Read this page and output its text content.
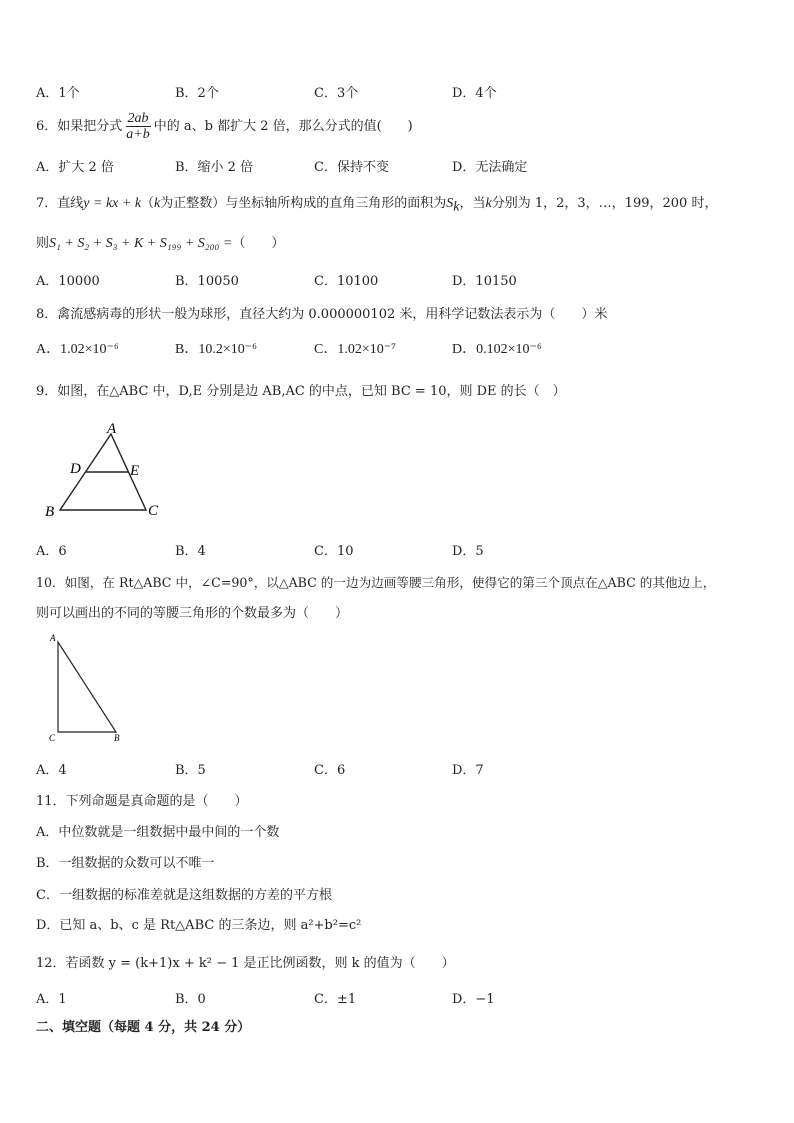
A．1个	B．2个	C．3个	D．4个
6．如果把分式 $\frac{2ab}{a+b}$ 中的 a、b 都扩大 2 倍，那么分式的值(　　)
A．扩大 2 倍	B．缩小 2 倍	C．保持不变	D．无法确定
7．直线y = kx + k（k为正整数）与坐标轴所构成的直角三角形的面积为$S_k$，当k分别为 1，2，3，…，199，200 时，
则S₁ + S₂ + S₃ + K + S₁₉₉ + S₂₀₀ =（　　）
A．10000	B．10050	C．10100	D．10150
8．禽流感病毒的形状一般为球形，直径大约为 0.000000102 米，用科学记数法表示为（　　）米
A．1.02×10⁻⁶	B．10.2×10⁻⁶	C．1.02×10⁻⁷	D．0.102×10⁻⁶
9．如图，在△ABC 中，D,E 分别是边 AB,AC 的中点，已知 BC = 10，则 DE 的长（　）
A
D	E
B	C
A．6	B．4	C．10	D．5
10．如图，在 Rt△ABC 中，∠C=90°，以△ABC 的一边为边画等腰三角形，使得它的第三个顶点在△ABC 的其他边上，
则可以画出的不同的等腰三角形的个数最多为（　　）
A
C	B
A．4	B．5	C．6	D．7
11．下列命题是真命题的是（　　）
A．中位数就是一组数据中最中间的一个数
B．一组数据的众数可以不唯一
C．一组数据的标准差就是这组数据的方差的平方根
D．已知 a、b、c 是 Rt△ABC 的三条边，则 a²+b²=c²
12．若函数 y = (k+1)x + k² − 1 是正比例函数，则 k 的值为（　　）
A．1	B．0	C．±1	D．−1
二、填空题（每题 4 分，共 24 分）
